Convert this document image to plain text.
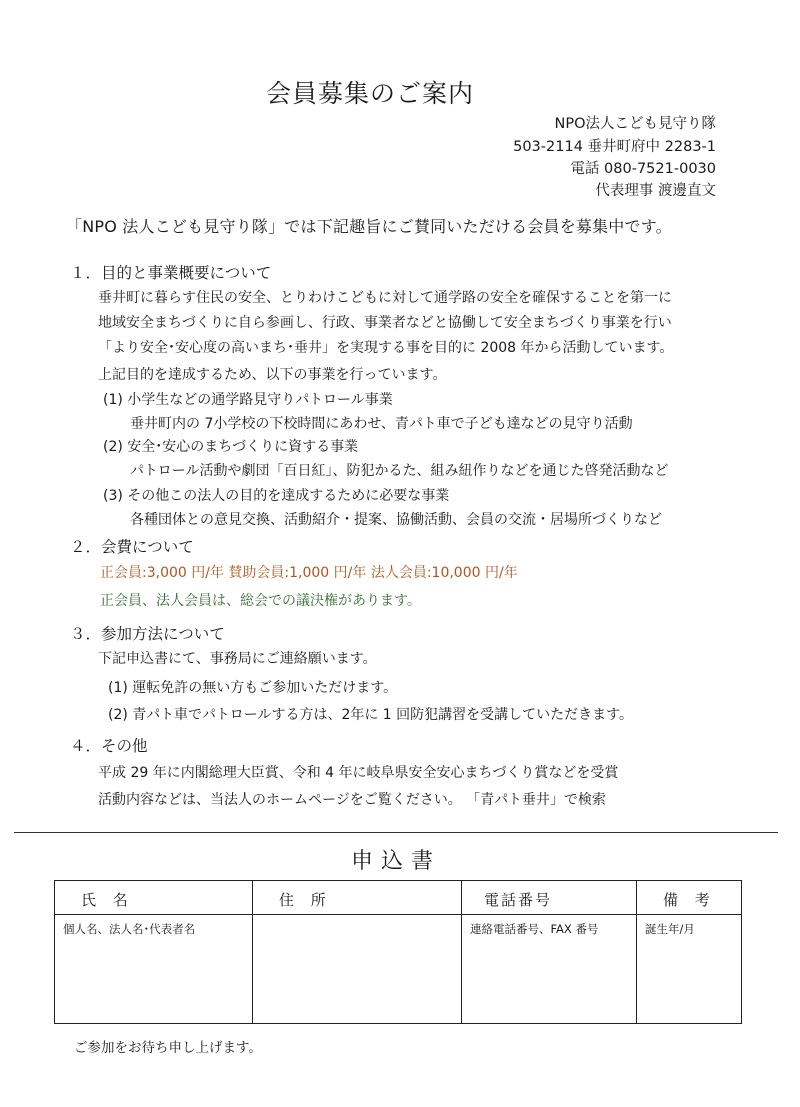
会員募集のご案内
NPO法人こども見守り隊
503-2114 垂井町府中 2283-1
電話 080-7521-0030
代表理事 渡邊直文
「NPO 法人こども見守り隊」では下記趣旨にご賛同いただける会員を募集中です。
１．目的と事業概要について
垂井町に暮らす住民の安全、とりわけこどもに対して通学路の安全を確保することを第一に
地域安全まちづくりに自ら参画し、行政、事業者などと協働して安全まちづくり事業を行い
「より安全･安心度の高いまち･垂井」を実現する事を目的に 2008 年から活動しています。
上記目的を達成するため、以下の事業を行っています。
(1) 小学生などの通学路見守りパトロール事業
垂井町内の 7小学校の下校時間にあわせ、青パト車で子ども達などの見守り活動
(2) 安全･安心のまちづくりに資する事業
パトロール活動や劇団「百日紅」、防犯かるた、組み紐作りなどを通じた啓発活動など
(3) その他この法人の目的を達成するために必要な事業
各種団体との意見交換、活動紹介・提案、協働活動、会員の交流・居場所づくりなど
２．会費について
正会員:3,000 円/年 賛助会員:1,000 円/年 法人会員:10,000 円/年
正会員、法人会員は、総会での議決権があります。
３．参加方法について
下記申込書にて、事務局にご連絡願います。
(1) 運転免許の無い方もご参加いただけます。
(2) 青パト車でパトロールする方は、2年に 1 回防犯講習を受講していただきます。
４．その他
平成 29 年に内閣総理大臣賞、令和 4 年に岐阜県安全安心まちづくり賞などを受賞
活動内容などは、当法人のホームページをご覧ください。 「青パト垂井」で検索
申込書
氏 名	住 所	電話番号	備 考
個人名、法人名･代表者名		連絡電話番号、FAX 番号	誕生年/月
ご参加をお待ち申し上げます。
